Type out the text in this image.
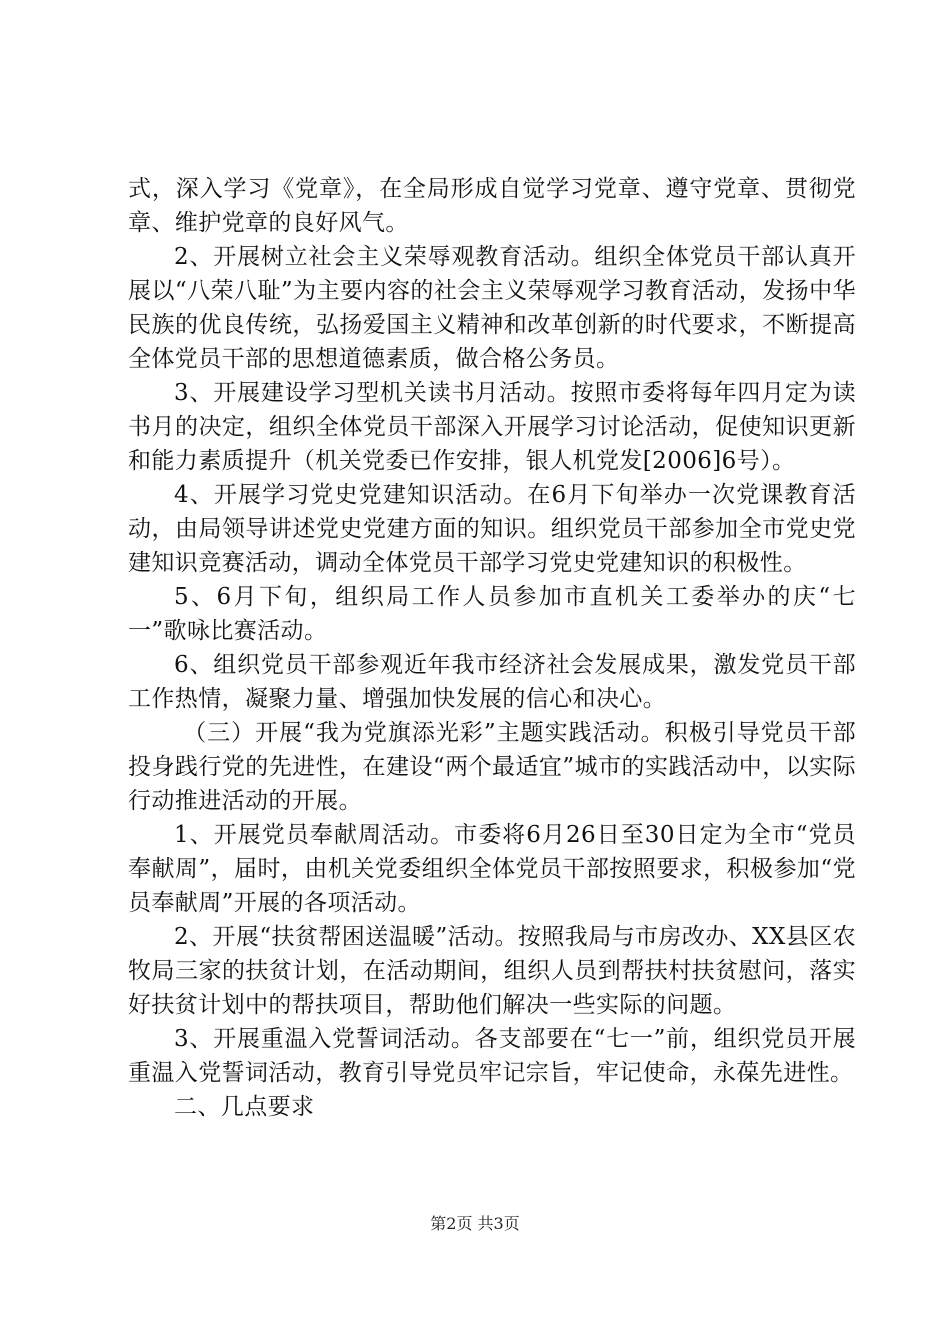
式，深入学习《党章》，在全局形成自觉学习党章、遵守党章、贯彻党章、维护党章的良好风气。

2、开展树立社会主义荣辱观教育活动。组织全体党员干部认真开展以“八荣八耻”为主要内容的社会主义荣辱观学习教育活动，发扬中华民族的优良传统，弘扬爱国主义精神和改革创新的时代要求，不断提高全体党员干部的思想道德素质，做合格公务员。

3、开展建设学习型机关读书月活动。按照市委将每年四月定为读书月的决定，组织全体党员干部深入开展学习讨论活动，促使知识更新和能力素质提升（机关党委已作安排，银人机党发[2006]6号）。

4、开展学习党史党建知识活动。在6月下旬举办一次党课教育活动，由局领导讲述党史党建方面的知识。组织党员干部参加全市党史党建知识竞赛活动，调动全体党员干部学习党史党建知识的积极性。

5、6月下旬，组织局工作人员参加市直机关工委举办的庆“七一”歌咏比赛活动。

6、组织党员干部参观近年我市经济社会发展成果，激发党员干部工作热情，凝聚力量、增强加快发展的信心和决心。

（三）开展“我为党旗添光彩”主题实践活动。积极引导党员干部投身践行党的先进性，在建设“两个最适宜”城市的实践活动中，以实际行动推进活动的开展。

1、开展党员奉献周活动。市委将6月26日至30日定为全市“党员奉献周”，届时，由机关党委组织全体党员干部按照要求，积极参加“党员奉献周”开展的各项活动。

2、开展“扶贫帮困送温暖”活动。按照我局与市房改办、XX县区农牧局三家的扶贫计划，在活动期间，组织人员到帮扶村扶贫慰问，落实好扶贫计划中的帮扶项目，帮助他们解决一些实际的问题。

3、开展重温入党誓词活动。各支部要在“七一”前，组织党员开展重温入党誓词活动，教育引导党员牢记宗旨，牢记使命，永葆先进性。

二、几点要求

第2页 共3页
